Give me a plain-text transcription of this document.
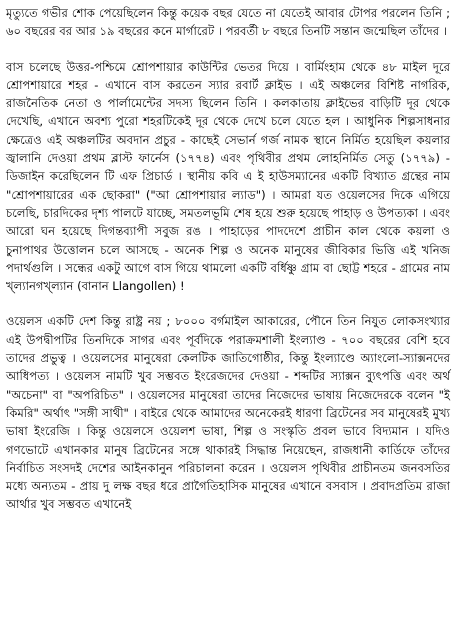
মৃত্যুতে গভীর শোক পেয়েছিলেন কিন্তু কয়েক বছর যেতে না যেতেই আবার টোপর পরলেন তিনি ; ৬০ বছরের বর আর ১৯ বছরের কনে মার্গারেট । পরবর্তী ৮ বছরে তিনটি সন্তান জন্মেছিল তাঁদের ।

বাস চলেছে উত্তর-পশ্চিমে শ্রোপশায়ার কাউন্টির ভেতর দিয়ে । বার্মিংহাম থেকে ৪৮ মাইল দূরে শ্রোপশায়ারে শহর - এখানে বাস করতেন স্যার রবার্ট ক্লাইভ । এই অঞ্চলের বিশিষ্ট নাগরিক, রাজনৈতিক নেতা ও পার্লামেন্টের সদস্য ছিলেন তিনি । কলকাতায় ক্লাইভের বাড়িটি দূর থেকে দেখেছি, এখানে অবশ্য পুরো শহরটিকেই দূর থেকে দেখে চলে যেতে হল । আধুনিক শিল্পসাধনার ক্ষেত্রেও এই অঞ্চলটির অবদান প্রচুর - কাছেই সেভার্ন গর্জ নামক স্থানে নির্মিত হয়েছিল কয়লার জ্বালানি দেওয়া প্রথম ব্লাস্ট ফার্নেস (১৭৭৪) এবং পৃথিবীর প্রথম লোহনির্মিত সেতু (১৭৭৯) - ডিজাইন করেছিলেন টি এফ প্রিচার্ড । স্থানীয় কবি এ ই হাউসম্যানের একটি বিখ্যাত গ্রন্থের নাম "শ্রোপশায়ারের এক ছোকরা" ("আ শ্রোপশায়ার ল্যাড") । আমরা যত ওয়েলসের দিকে এগিয়ে চলেছি, চারদিকের দৃশ্য পালটে যাচ্ছে, সমতলভূমি শেষ হয়ে শুরু হয়েছে পাহাড় ও উপত্যকা । এবং আরো ঘন হয়েছে দিগন্তব্যাপী সবুজ রঙ । পাহাড়ের পাদদেশে প্রাচীন কাল থেকে কয়লা ও চুনাপাথর উত্তোলন চলে আসছে - অনেক শিল্প ও অনেক মানুষের জীবিকার ভিত্তি এই খনিজ পদার্থগুলি । সন্ধের একটু আগে বাস গিয়ে থামলো একটি বর্ধিষ্ণু গ্রাম বা ছোট্ট শহরে - গ্রামের নাম খ্ল্যানগখ্ল্যান (বানান Llangollen) !

ওয়েলস একটি দেশ কিন্তু রাষ্ট্র নয় ; ৮০০০ বর্গমাইল আকারের, পৌনে তিন নিযুত লোকসংখ্যার এই উপদ্বীপটির তিনদিকে সাগর এবং পূর্বদিকে পরাক্রমশালী ইংল্যাণ্ড - ৭০০ বছরের বেশি হবে তাদের প্রভুত্ব । ওয়েলসের মানুষেরা কেলটিক জাতিগোষ্ঠীর, কিন্তু ইংল্যাণ্ডে অ্যাংলো-স্যাক্সনদের আধিপত্য । ওয়েলস নামটি খুব সম্ভবত ইংরেজদের দেওয়া - শব্দটির স্যাক্সন ব্যুৎপত্তি এবং অর্থ "অচেনা" বা "অপরিচিত" । ওয়েলসের মানুষেরা তাদের নিজেদের ভাষায় নিজেদেরকে বলেন "ই কিমরি" অর্থাৎ "সঙ্গী সাথী" । বাইরে থেকে আমাদের অনেকেরই ধারণা ব্রিটেনের সব মানুষেরই মুখ্য ভাষা ইংরেজি । কিন্তু ওয়েলসে ওয়েলশ ভাষা, শিল্প ও সংস্কৃতি প্রবল ভাবে বিদ্যমান । যদিও গণভোটে এখানকার মানুষ ব্রিটেনের সঙ্গে থাকারই সিদ্ধান্ত নিয়েছেন, রাজধানী কার্ডিফে তাঁদের নির্বাচিত সংসদই দেশের আইনকানুন পরিচালনা করেন । ওয়েলস পৃথিবীর প্রাচীনতম জনবসতির মধ্যে অন্যতম - প্রায় দু লক্ষ বছর ধরে প্রাগৈতিহাসিক মানুষের এখানে বসবাস । প্রবাদপ্রতিম রাজা আর্থার খুব সম্ভবত এখানেই
